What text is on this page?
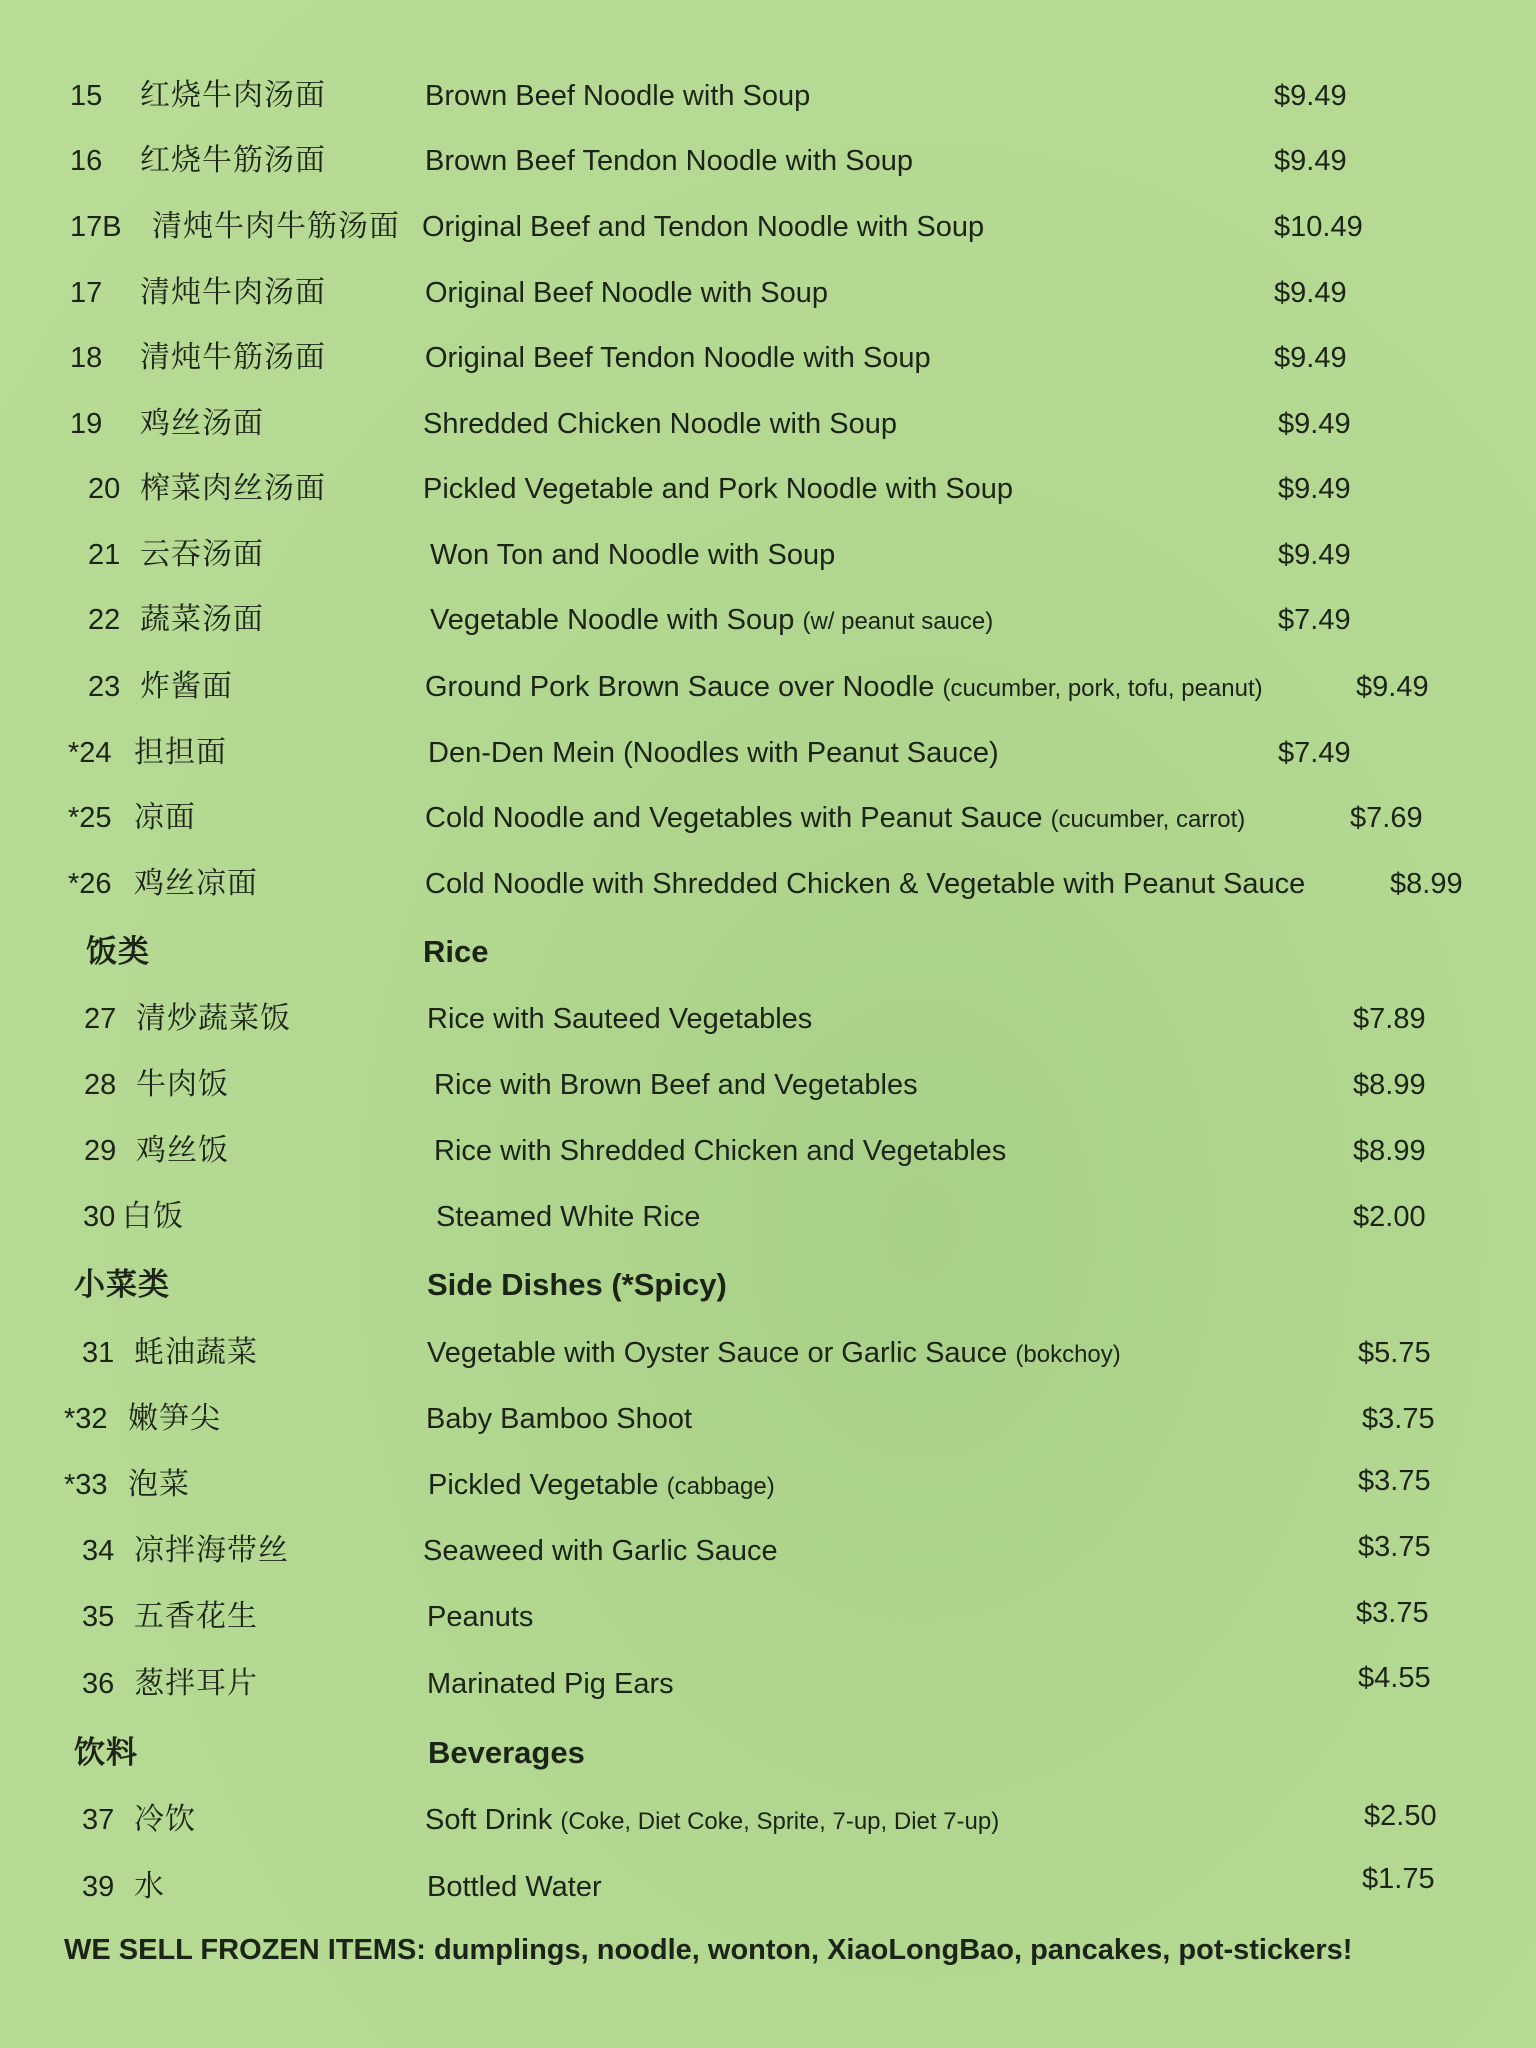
15 红烧牛肉汤面	Brown Beef Noodle with Soup	$9.49
16 红烧牛筋汤面	Brown Beef Tendon Noodle with Soup	$9.49
17B 清炖牛肉牛筋汤面 Original Beef and Tendon Noodle with Soup	$10.49
17 清炖牛肉汤面	Original Beef Noodle with Soup	$9.49
18 清炖牛筋汤面	Original Beef Tendon Noodle with Soup	$9.49
19 鸡丝汤面	Shredded Chicken Noodle with Soup	$9.49
20 榨菜肉丝汤面	Pickled Vegetable and Pork Noodle with Soup	$9.49
21 云吞汤面	Won Ton and Noodle with Soup	$9.49
22 蔬菜汤面	Vegetable Noodle with Soup (w/ peanut sauce)	$7.49
23 炸酱面	Ground Pork Brown Sauce over Noodle (cucumber, pork, tofu, peanut)	$9.49
*24 担担面	Den-Den Mein (Noodles with Peanut Sauce)	$7.49
*25 凉面	Cold Noodle and Vegetables with Peanut Sauce (cucumber, carrot)	$7.69
*26 鸡丝凉面	Cold Noodle with Shredded Chicken & Vegetable with Peanut Sauce	$8.99
饭类	Rice
27 清炒蔬菜饭	Rice with Sauteed Vegetables	$7.89
28 牛肉饭	Rice with Brown Beef and Vegetables	$8.99
29 鸡丝饭	Rice with Shredded Chicken and Vegetables	$8.99
30 白饭	Steamed White Rice	$2.00
小菜类	Side Dishes (*Spicy)
31 蚝油蔬菜	Vegetable with Oyster Sauce or Garlic Sauce (bokchoy)	$5.75
*32 嫩笋尖	Baby Bamboo Shoot	$3.75
*33 泡菜	Pickled Vegetable (cabbage)	$3.75
34 凉拌海带丝	Seaweed with Garlic Sauce	$3.75
35 五香花生	Peanuts	$3.75
36 葱拌耳片	Marinated Pig Ears	$4.55
饮料	Beverages
37 冷饮	Soft Drink (Coke, Diet Coke, Sprite, 7-up, Diet 7-up)	$2.50
39 水	Bottled Water	$1.75
WE SELL FROZEN ITEMS: dumplings, noodle, wonton, XiaoLongBao, pancakes, pot-stickers!
